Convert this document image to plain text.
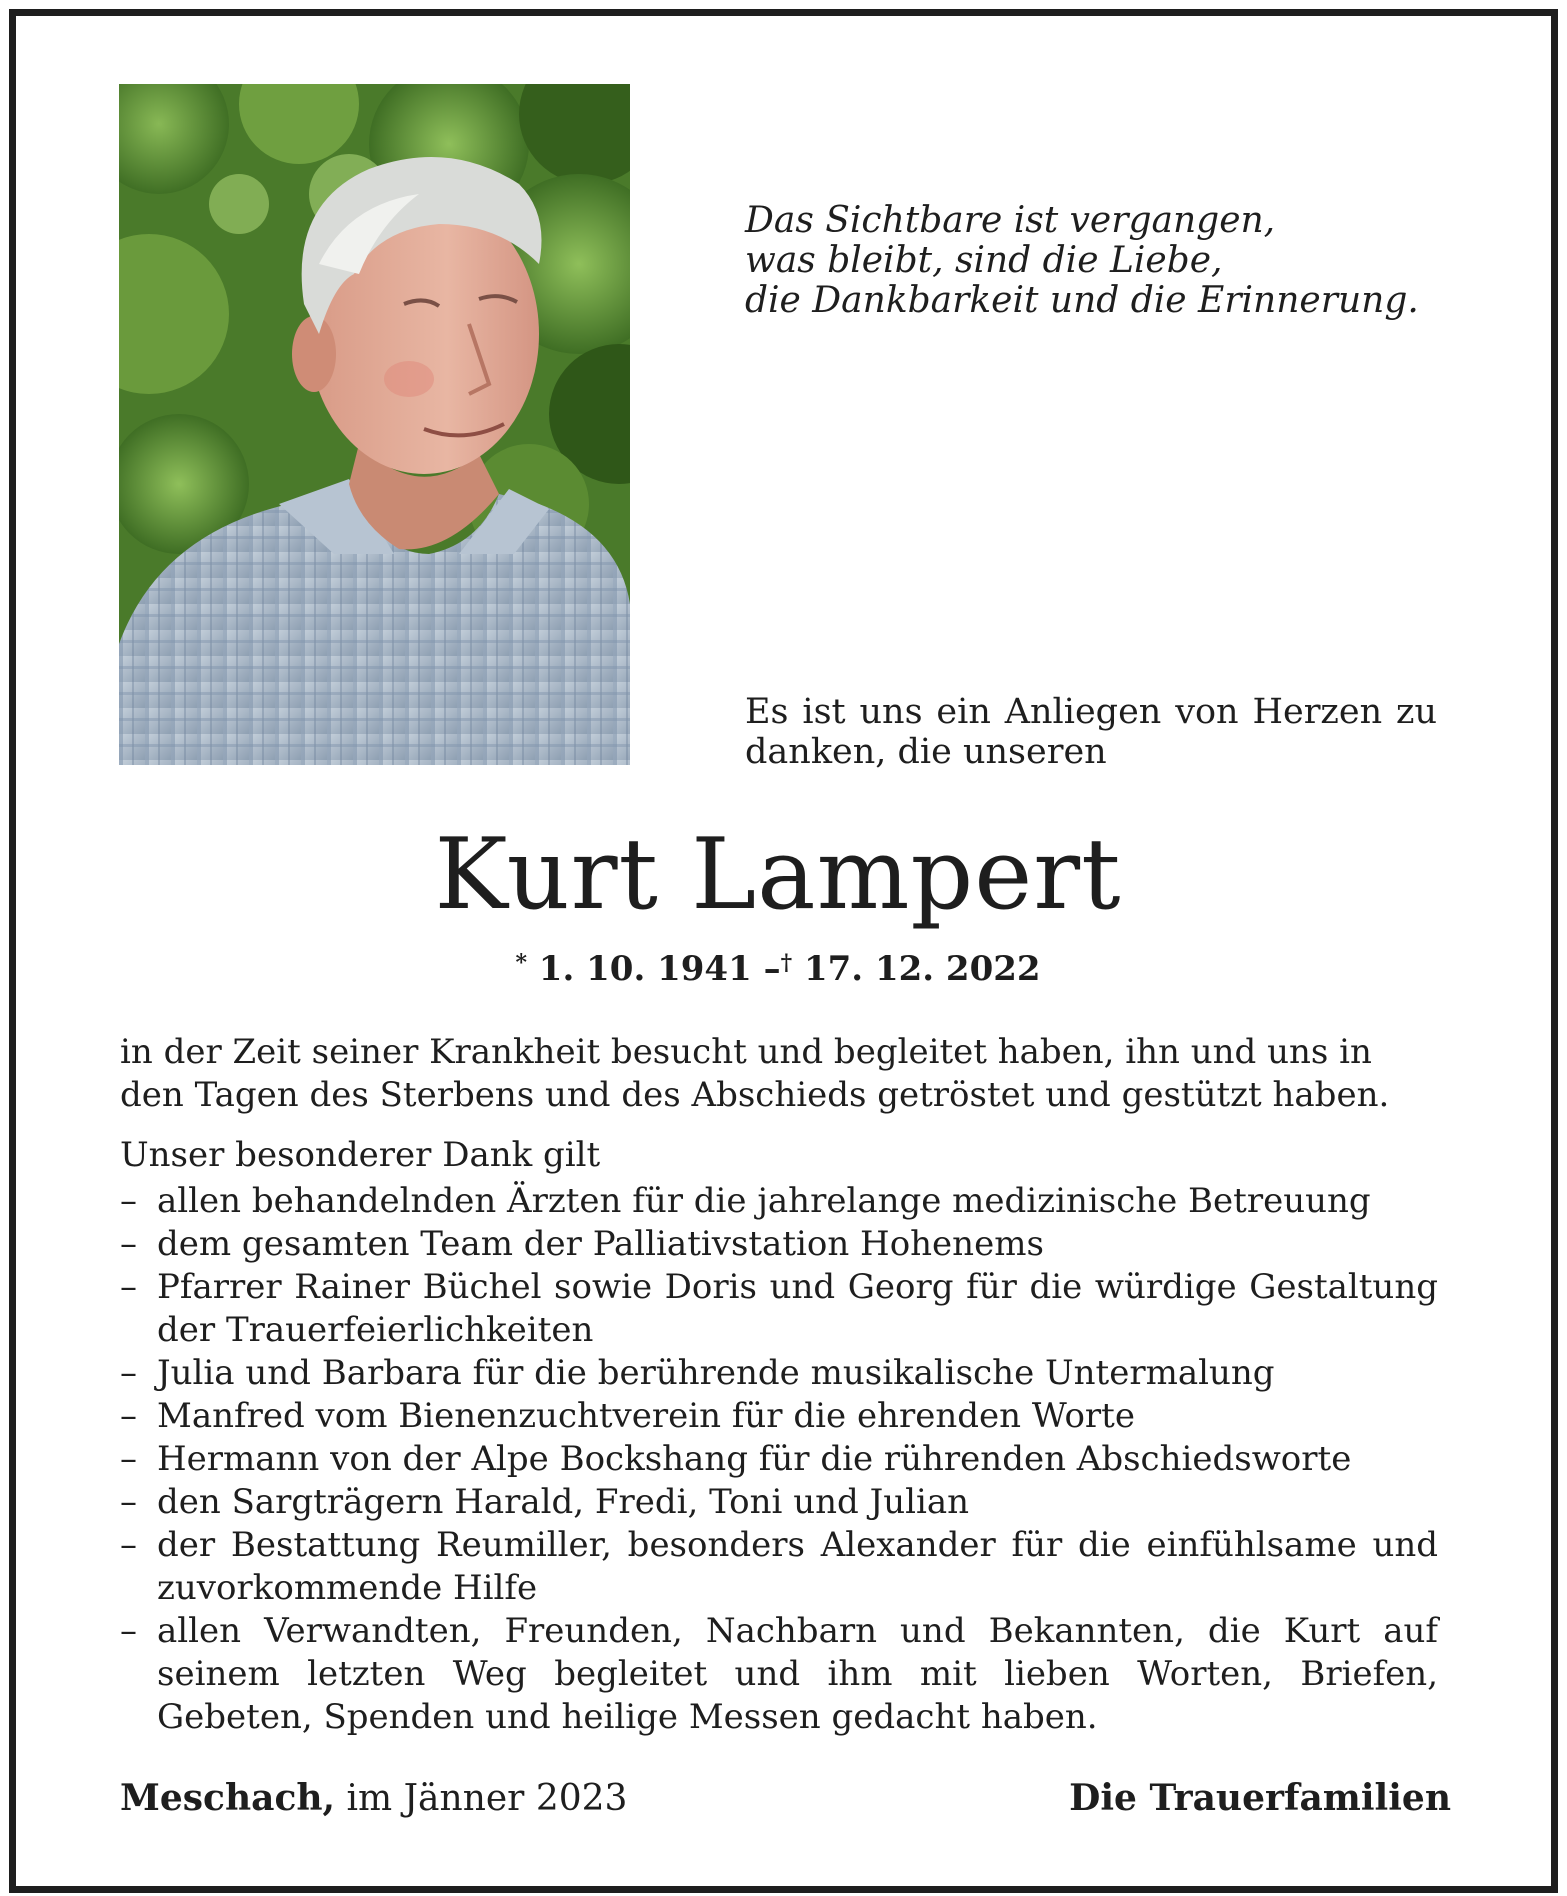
Das Sichtbare ist vergangen,
was bleibt, sind die Liebe,
die Dankbarkeit und die Erinnerung.
Es ist uns ein Anliegen von Herzen zu danken, die unseren
Kurt Lampert
* 1. 10. 1941 –† 17. 12. 2022
in der Zeit seiner Krankheit besucht und begleitet haben, ihn und uns in den Tagen des Sterbens und des Abschieds getröstet und gestützt haben.
Unser besonderer Dank gilt
– allen behandelnden Ärzten für die jahrelange medizinische Betreuung
– dem gesamten Team der Palliativstation Hohenems
– Pfarrer Rainer Büchel sowie Doris und Georg für die würdige Gestaltung der Trauerfeierlichkeiten
– Julia und Barbara für die berührende musikalische Untermalung
– Manfred vom Bienenzuchtverein für die ehrenden Worte
– Hermann von der Alpe Bockshang für die rührenden Abschiedsworte
– den Sargträgern Harald, Fredi, Toni und Julian
– der Bestattung Reumiller, besonders Alexander für die einfühlsame und zuvorkommende Hilfe
– allen Verwandten, Freunden, Nachbarn und Bekannten, die Kurt auf seinem letzten Weg begleitet und ihm mit lieben Worten, Briefen, Gebeten, Spenden und heilige Messen gedacht haben.
Meschach, im Jänner 2023	Die Trauerfamilien
